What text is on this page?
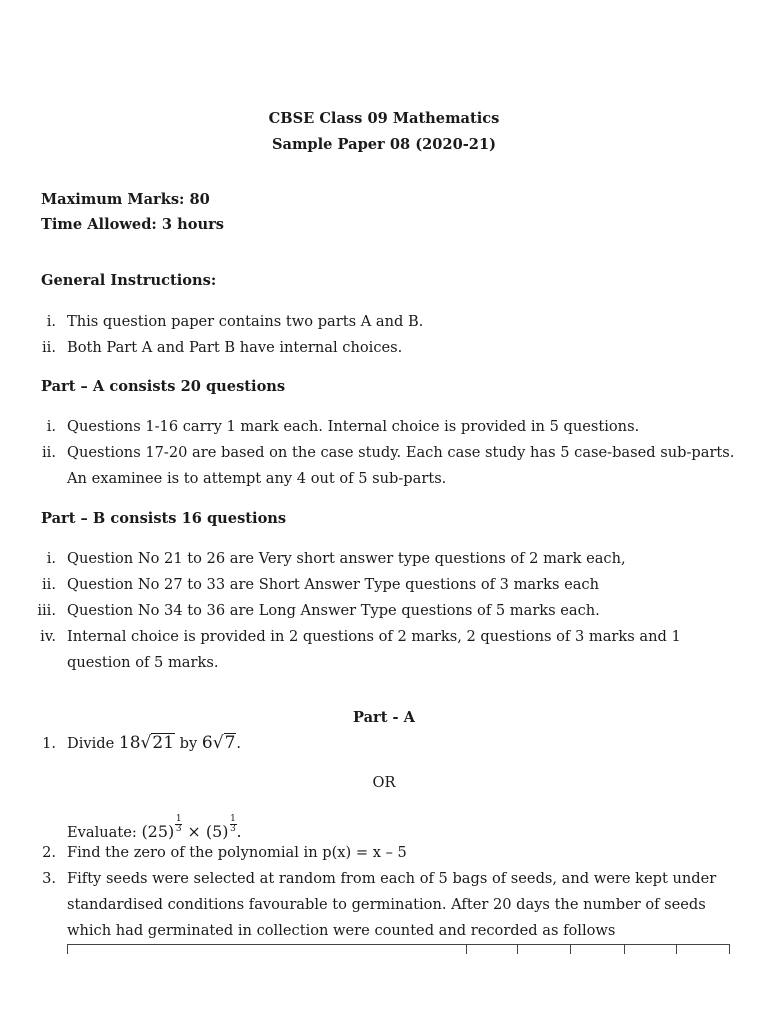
CBSE Class 09 Mathematics
Sample Paper 08 (2020-21)
Maximum Marks: 80
Time Allowed: 3 hours
General Instructions:
i. This question paper contains two parts A and B.
ii. Both Part A and Part B have internal choices.
Part – A consists 20 questions
i. Questions 1-16 carry 1 mark each. Internal choice is provided in 5 questions.
ii. Questions 17-20 are based on the case study. Each case study has 5 case-based sub-parts.
An examinee is to attempt any 4 out of 5 sub-parts.
Part – B consists 16 questions
i. Question No 21 to 26 are Very short answer type questions of 2 mark each,
ii. Question No 27 to 33 are Short Answer Type questions of 3 marks each
iii. Question No 34 to 36 are Long Answer Type questions of 5 marks each.
iv. Internal choice is provided in 2 questions of 2 marks, 2 questions of 3 marks and 1
question of 5 marks.
Part - A
1. Divide 18√21 by 6√7.
OR
Evaluate: $(25) \frac{1}{3} \times (5) \frac{1}{3}$ .
2. Find the zero of the polynomial in p(x) = x – 5
3. Fifty seeds were selected at random from each of 5 bags of seeds, and were kept under
standardised conditions favourable to germination. After 20 days the number of seeds
which had germinated in collection were counted and recorded as follows
